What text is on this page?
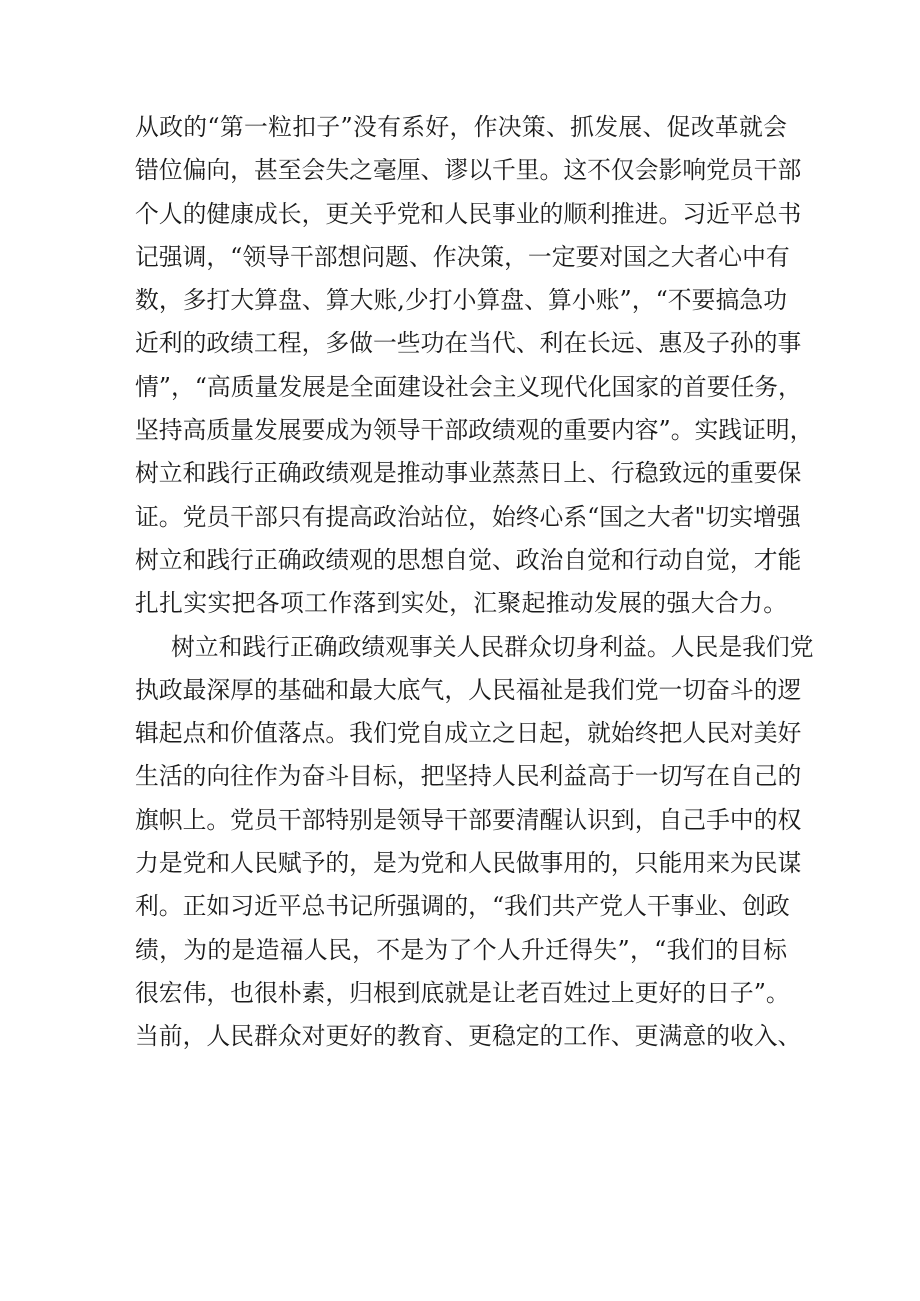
从政的“第一粒扣子”没有系好，作决策、抓发展、促改革就会
错位偏向，甚至会失之毫厘、谬以千里。这不仅会影响党员干部
个人的健康成长，更关乎党和人民事业的顺利推进。习近平总书
记强调，“领导干部想问题、作决策，一定要对国之大者心中有
数，多打大算盘、算大账,少打小算盘、算小账”，“不要搞急功
近利的政绩工程，多做一些功在当代、利在长远、惠及子孙的事
情”，“高质量发展是全面建设社会主义现代化国家的首要任务，
坚持高质量发展要成为领导干部政绩观的重要内容”。实践证明，
树立和践行正确政绩观是推动事业蒸蒸日上、行稳致远的重要保
证。党员干部只有提高政治站位，始终心系“国之大者"切实增强
树立和践行正确政绩观的思想自觉、政治自觉和行动自觉，才能
扎扎实实把各项工作落到实处，汇聚起推动发展的强大合力。
树立和践行正确政绩观事关人民群众切身利益。人民是我们党
执政最深厚的基础和最大底气，人民福祉是我们党一切奋斗的逻
辑起点和价值落点。我们党自成立之日起，就始终把人民对美好
生活的向往作为奋斗目标，把坚持人民利益高于一切写在自己的
旗帜上。党员干部特别是领导干部要清醒认识到，自己手中的权
力是党和人民赋予的，是为党和人民做事用的，只能用来为民谋
利。正如习近平总书记所强调的，“我们共产党人干事业、创政
绩，为的是造福人民，不是为了个人升迁得失”，“我们的目标
很宏伟，也很朴素，归根到底就是让老百姓过上更好的日子”。
当前，人民群众对更好的教育、更稳定的工作、更满意的收入、
